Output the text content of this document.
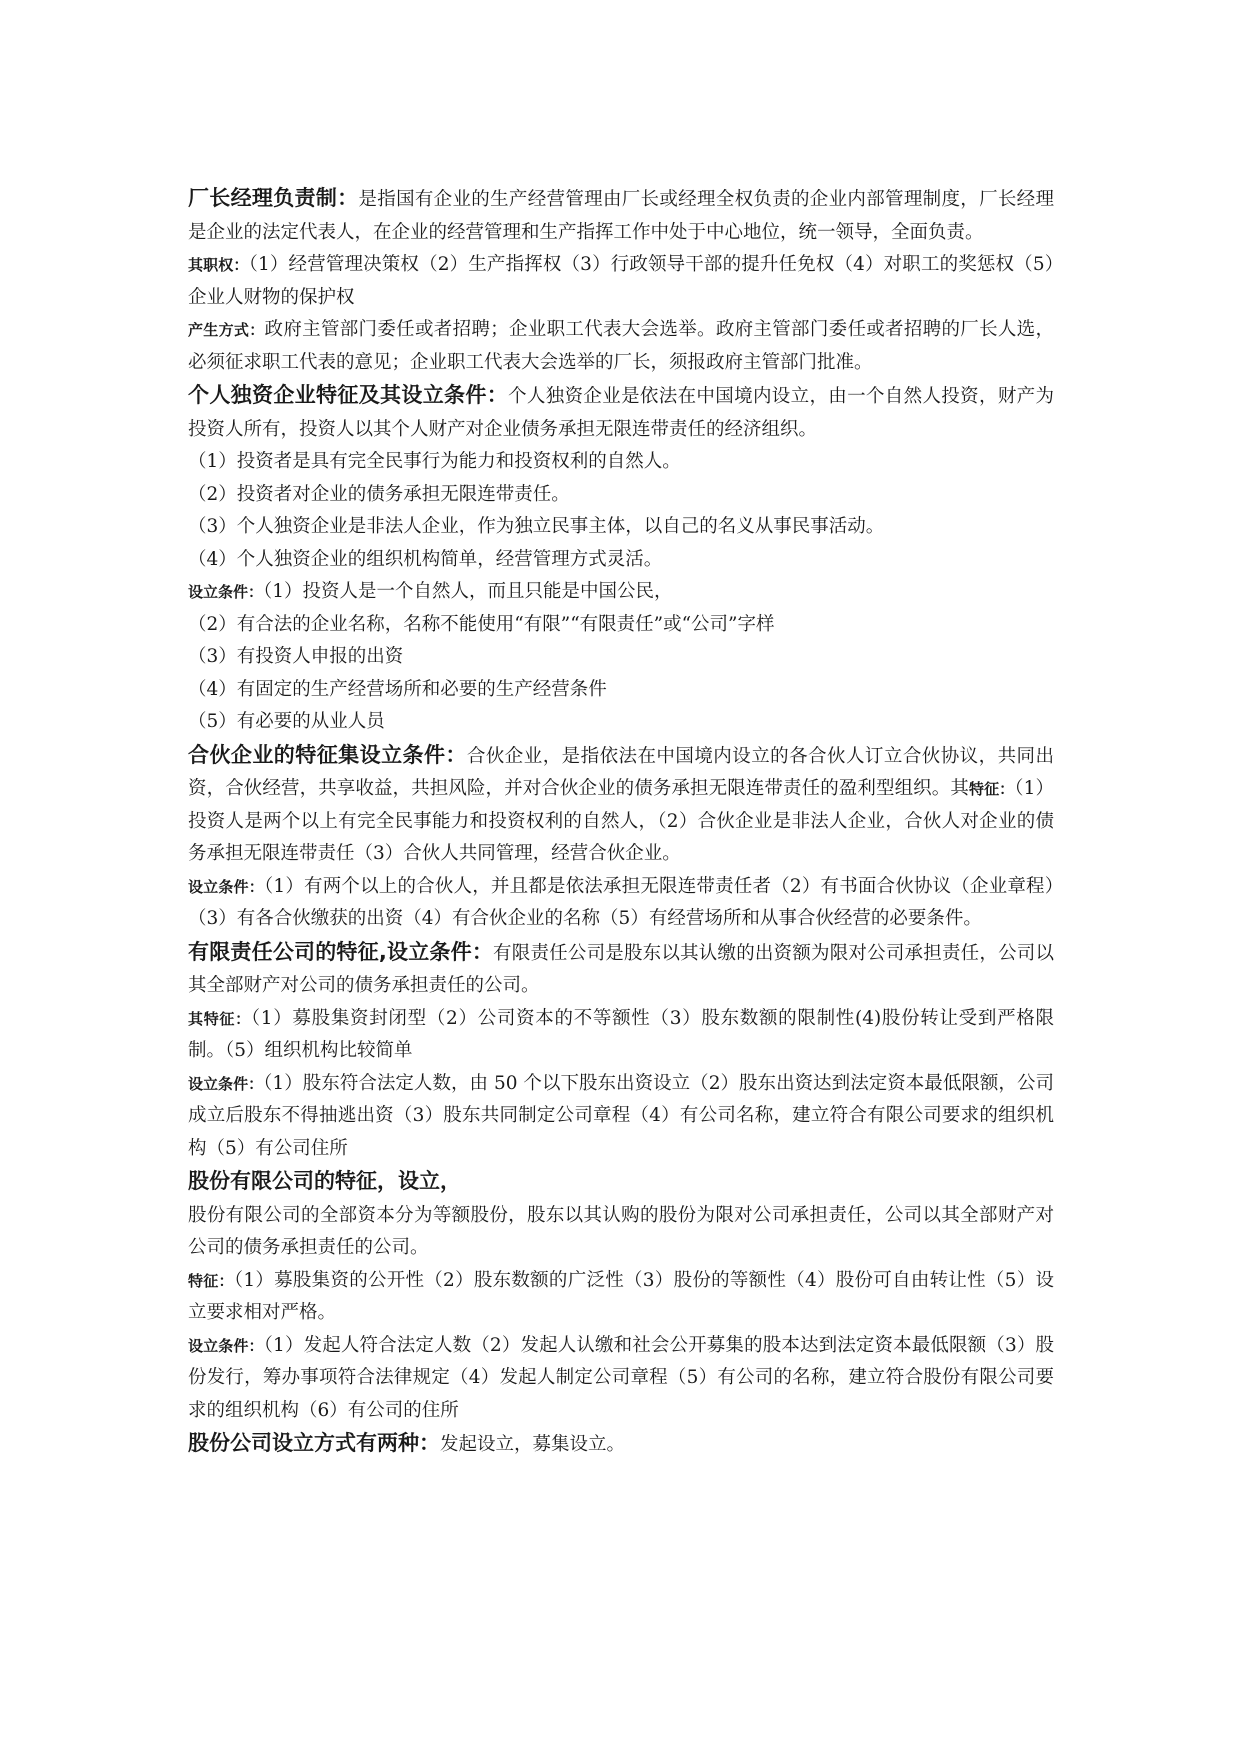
厂长经理负责制：是指国有企业的生产经营管理由厂长或经理全权负责的企业内部管理制度，厂长经理是企业的法定代表人，在企业的经营管理和生产指挥工作中处于中心地位，统一领导，全面负责。

其职权：（1）经营管理决策权（2）生产指挥权（3）行政领导干部的提升任免权（4）对职工的奖惩权（5）企业人财物的保护权

产生方式：政府主管部门委任或者招聘；企业职工代表大会选举。政府主管部门委任或者招聘的厂长人选，必须征求职工代表的意见；企业职工代表大会选举的厂长，须报政府主管部门批准。

个人独资企业特征及其设立条件：个人独资企业是依法在中国境内设立，由一个自然人投资，财产为投资人所有，投资人以其个人财产对企业债务承担无限连带责任的经济组织。

（1）投资者是具有完全民事行为能力和投资权利的自然人。

（2）投资者对企业的债务承担无限连带责任。

（3）个人独资企业是非法人企业，作为独立民事主体，以自己的名义从事民事活动。

（4）个人独资企业的组织机构简单，经营管理方式灵活。

设立条件：（1）投资人是一个自然人，而且只能是中国公民，

（2）有合法的企业名称，名称不能使用“有限”“有限责任”或“公司”字样

（3）有投资人申报的出资

（4）有固定的生产经营场所和必要的生产经营条件

（5）有必要的从业人员

合伙企业的特征集设立条件：合伙企业，是指依法在中国境内设立的各合伙人订立合伙协议，共同出资，合伙经营，共享收益，共担风险，并对合伙企业的债务承担无限连带责任的盈利型组织。其特征：（1）投资人是两个以上有完全民事能力和投资权利的自然人，（2）合伙企业是非法人企业，合伙人对企业的债务承担无限连带责任（3）合伙人共同管理，经营合伙企业。

设立条件：（1）有两个以上的合伙人，并且都是依法承担无限连带责任者（2）有书面合伙协议（企业章程）（3）有各合伙缴获的出资（4）有合伙企业的名称（5）有经营场所和从事合伙经营的必要条件。

有限责任公司的特征,设立条件：有限责任公司是股东以其认缴的出资额为限对公司承担责任，公司以其全部财产对公司的债务承担责任的公司。

其特征：（1）募股集资封闭型（2）公司资本的不等额性（3）股东数额的限制性(4)股份转让受到严格限制。（5）组织机构比较简单

设立条件：（1）股东符合法定人数，由 50 个以下股东出资设立（2）股东出资达到法定资本最低限额，公司成立后股东不得抽逃出资（3）股东共同制定公司章程（4）有公司名称，建立符合有限公司要求的组织机构（5）有公司住所

股份有限公司的特征，设立，

股份有限公司的全部资本分为等额股份，股东以其认购的股份为限对公司承担责任，公司以其全部财产对公司的债务承担责任的公司。

特征：（1）募股集资的公开性（2）股东数额的广泛性（3）股份的等额性（4）股份可自由转让性（5）设立要求相对严格。

设立条件：（1）发起人符合法定人数（2）发起人认缴和社会公开募集的股本达到法定资本最低限额（3）股份发行，筹办事项符合法律规定（4）发起人制定公司章程（5）有公司的名称，建立符合股份有限公司要求的组织机构（6）有公司的住所

股份公司设立方式有两种：发起设立，募集设立。
